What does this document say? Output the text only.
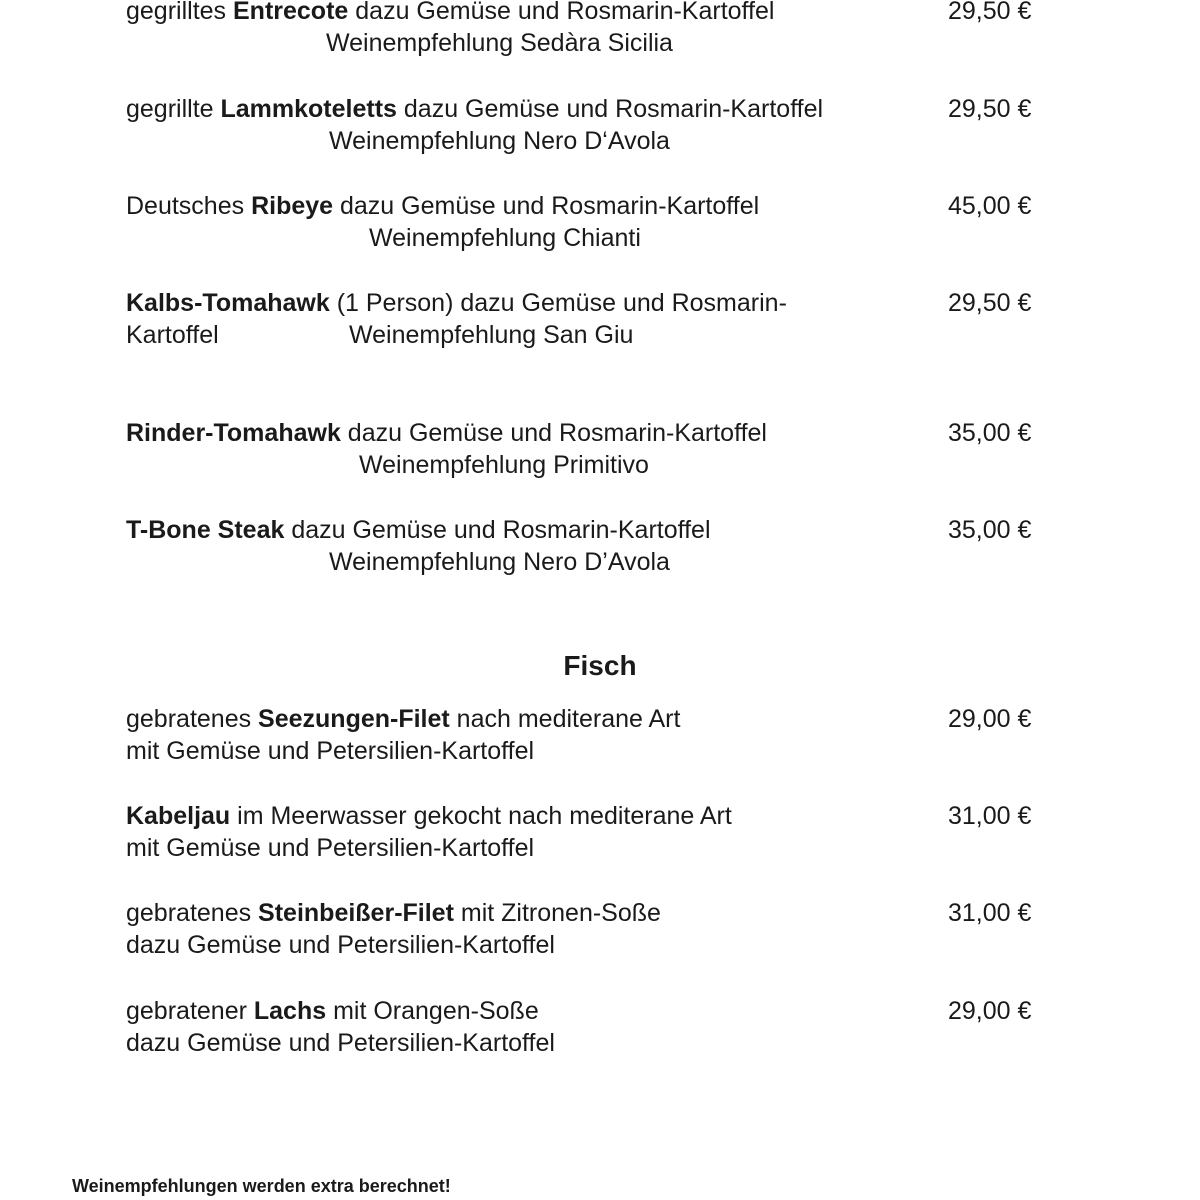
gegrilltes Entrecote dazu Gemüse und Rosmarin-Kartoffel	29,50 €
Weinempfehlung Sedàra Sicilia
gegrillte Lammkoteletts dazu Gemüse und Rosmarin-Kartoffel	29,50 €
Weinempfehlung Nero D‘Avola
Deutsches Ribeye dazu Gemüse und Rosmarin-Kartoffel	45,00 €
Weinempfehlung Chianti
Kalbs-Tomahawk (1 Person) dazu Gemüse und Rosmarin-	29,50 €
Kartoffel	Weinempfehlung San Giu
Rinder-Tomahawk dazu Gemüse und Rosmarin-Kartoffel	35,00 €
Weinempfehlung Primitivo
T-Bone Steak dazu Gemüse und Rosmarin-Kartoffel	35,00 €
Weinempfehlung Nero D’Avola
Fisch
gebratenes Seezungen-Filet nach mediterane Art	29,00 €
mit Gemüse und Petersilien-Kartoffel
Kabeljau im Meerwasser gekocht nach mediterane Art	31,00 €
mit Gemüse und Petersilien-Kartoffel
gebratenes Steinbeißer-Filet mit Zitronen-Soße	31,00 €
dazu Gemüse und Petersilien-Kartoffel
gebratener Lachs mit Orangen-Soße	29,00 €
dazu Gemüse und Petersilien-Kartoffel
Weinempfehlungen werden extra berechnet!
